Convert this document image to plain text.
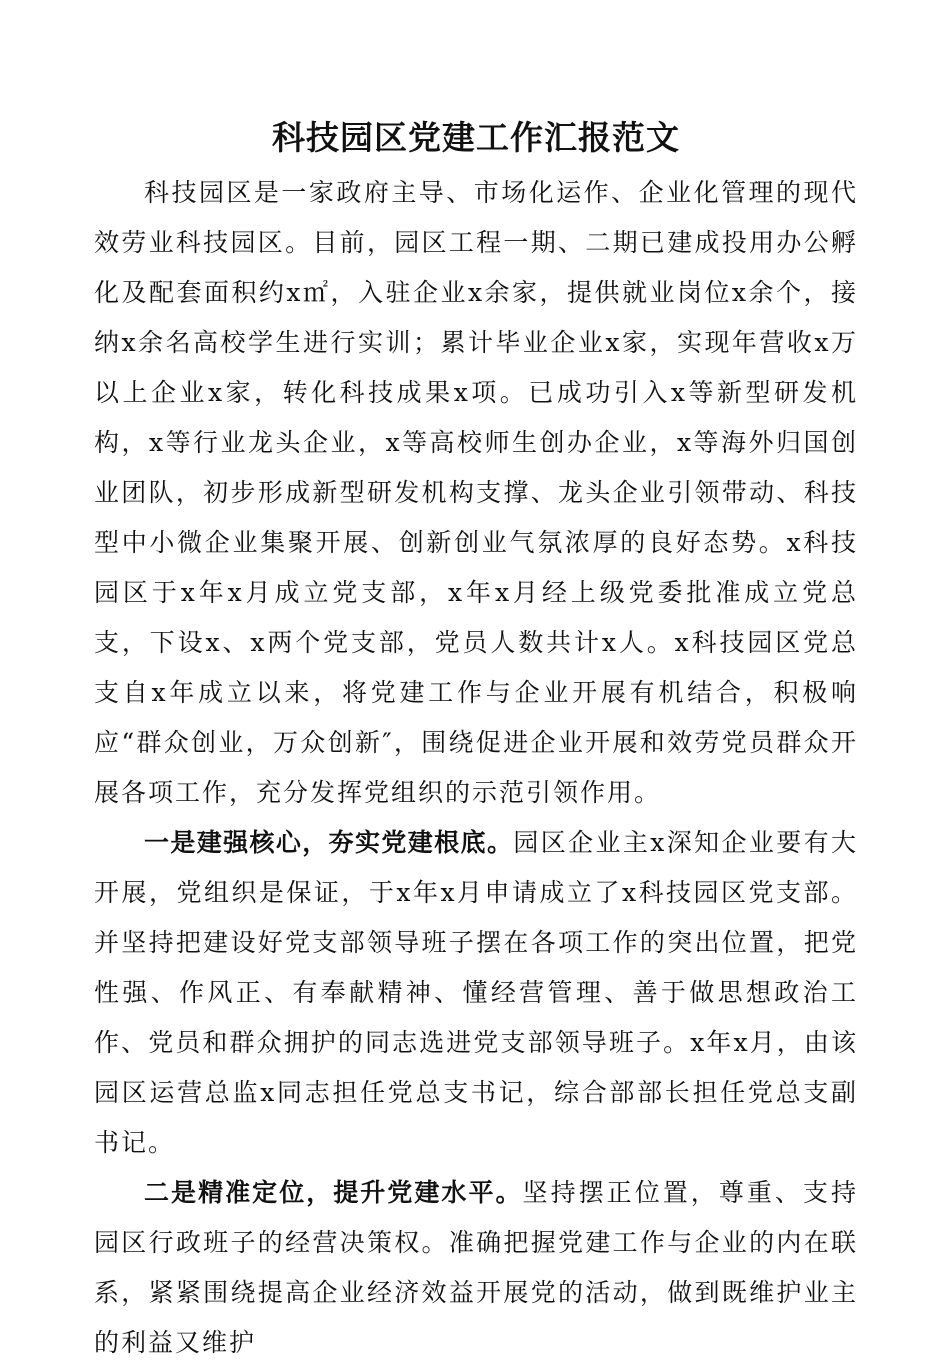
科技园区党建工作汇报范文

科技园区是一家政府主导、市场化运作、企业化管理的现代效劳业科技园区。目前，园区工程一期、二期已建成投用办公孵化及配套面积约x㎡，入驻企业x余家，提供就业岗位x余个，接纳x余名高校学生进行实训；累计毕业企业x家，实现年营收x万以上企业x家，转化科技成果x项。已成功引入x等新型研发机构，x等行业龙头企业，x等高校师生创办企业，x等海外归国创业团队，初步形成新型研发机构支撑、龙头企业引领带动、科技型中小微企业集聚开展、创新创业气氛浓厚的良好态势。x科技园区于x年x月成立党支部，x年x月经上级党委批准成立党总支，下设x、x两个党支部，党员人数共计x人。x科技园区党总支自x年成立以来，将党建工作与企业开展有机结合，积极响应“群众创业，万众创新″，围绕促进企业开展和效劳党员群众开展各项工作，充分发挥党组织的示范引领作用。

一是建强核心，夯实党建根底。园区企业主x深知企业要有大开展，党组织是保证，于x年x月申请成立了x科技园区党支部。并坚持把建设好党支部领导班子摆在各项工作的突出位置，把党性强、作风正、有奉献精神、懂经营管理、善于做思想政治工作、党员和群众拥护的同志选进党支部领导班子。x年x月，由该园区运营总监x同志担任党总支书记，综合部部长担任党总支副书记。

二是精准定位，提升党建水平。坚持摆正位置，尊重、支持园区行政班子的经营决策权。准确把握党建工作与企业的内在联系，紧紧围绕提高企业经济效益开展党的活动，做到既维护业主的利益又维护
